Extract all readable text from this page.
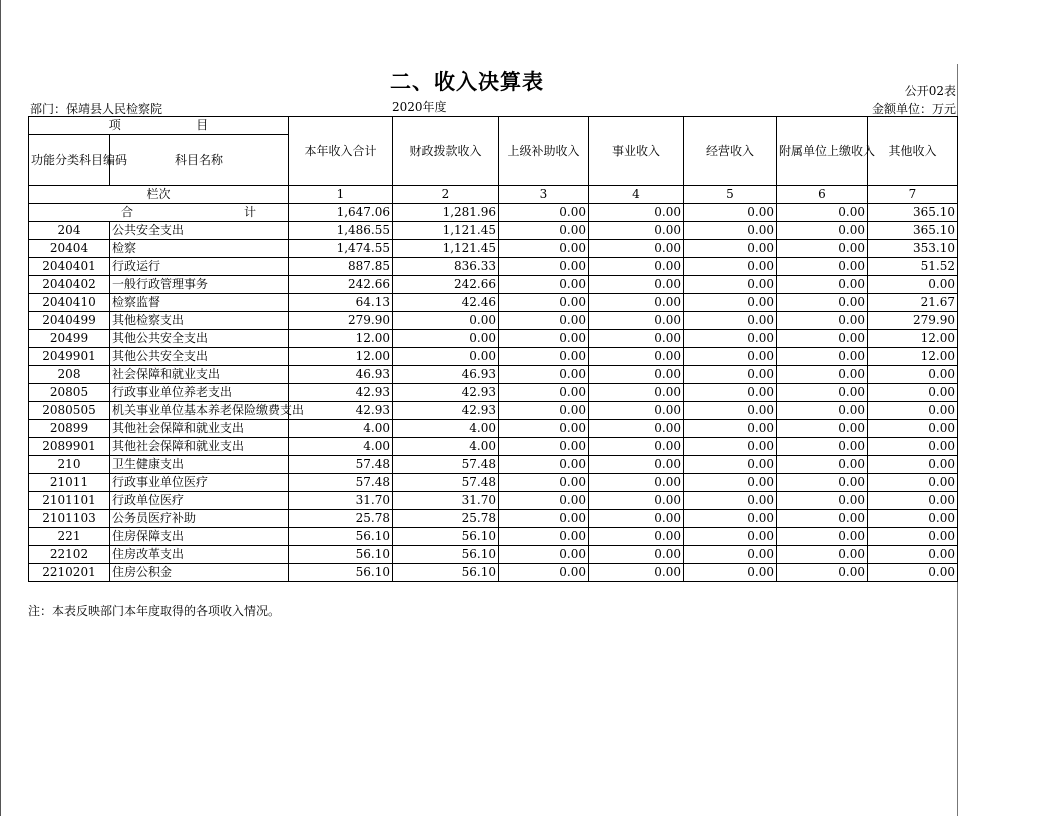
二、收入决算表	公开02表
部门：保靖县人民检察院	2020年度	金额单位：万元
项 目		本年收入合计	财政拨款收入	上级补助收入	事业收入	经营收入	附属单位上缴收入	其他收入
功能分类科目编码	科目名称							
栏次		1	2	3	4	5	6	7

合 计		1,647.06	1,281.96	0.00	0.00	0.00	0.00	365.10
204	公共安全支出	1,486.55	1,121.45	0.00	0.00	0.00	0.00	365.10
20404	检察	1,474.55	1,121.45	0.00	0.00	0.00	0.00	353.10
2040401	行政运行	887.85	836.33	0.00	0.00	0.00	0.00	51.52
2040402	一般行政管理事务	242.66	242.66	0.00	0.00	0.00	0.00	0.00
2040410	检察监督	64.13	42.46	0.00	0.00	0.00	0.00	21.67
2040499	其他检察支出	279.90	0.00	0.00	0.00	0.00	0.00	279.90
20499	其他公共安全支出	12.00	0.00	0.00	0.00	0.00	0.00	12.00
2049901	其他公共安全支出	12.00	0.00	0.00	0.00	0.00	0.00	12.00
208	社会保障和就业支出	46.93	46.93	0.00	0.00	0.00	0.00	0.00
20805	行政事业单位养老支出	42.93	42.93	0.00	0.00	0.00	0.00	0.00
2080505	机关事业单位基本养老保险缴费支出	42.93	42.93	0.00	0.00	0.00	0.00	0.00
20899	其他社会保障和就业支出	4.00	4.00	0.00	0.00	0.00	0.00	0.00
2089901	其他社会保障和就业支出	4.00	4.00	0.00	0.00	0.00	0.00	0.00
210	卫生健康支出	57.48	57.48	0.00	0.00	0.00	0.00	0.00
21011	行政事业单位医疗	57.48	57.48	0.00	0.00	0.00	0.00	0.00
2101101	行政单位医疗	31.70	31.70	0.00	0.00	0.00	0.00	0.00
2101103	公务员医疗补助	25.78	25.78	0.00	0.00	0.00	0.00	0.00
221	住房保障支出	56.10	56.10	0.00	0.00	0.00	0.00	0.00
22102	住房改革支出	56.10	56.10	0.00	0.00	0.00	0.00	0.00
2210201	住房公积金	56.10	56.10	0.00	0.00	0.00	0.00	0.00
注：本表反映部门本年度取得的各项收入情况。
